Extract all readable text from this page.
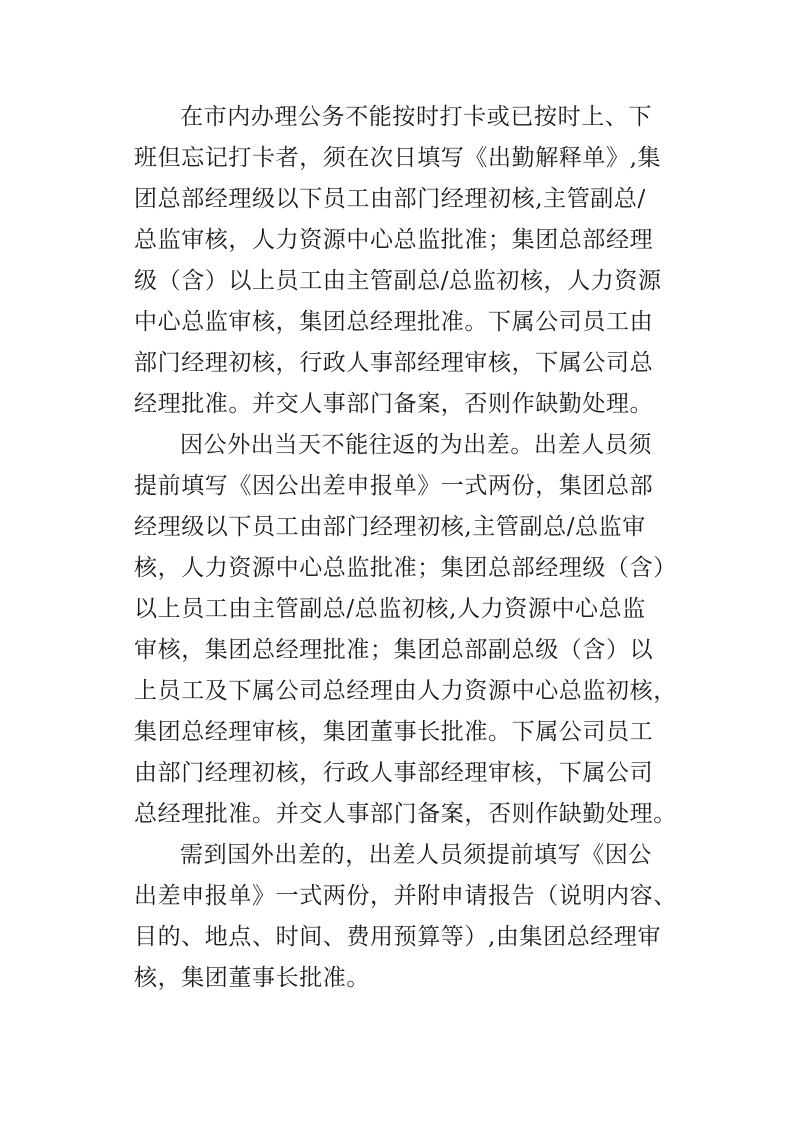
在市内办理公务不能按时打卡或已按时上、下
班但忘记打卡者，须在次日填写《出勤解释单》,集
团总部经理级以下员工由部门经理初核,主管副总/
总监审核，人力资源中心总监批准；集团总部经理
级（含）以上员工由主管副总/总监初核，人力资源
中心总监审核，集团总经理批准。下属公司员工由
部门经理初核，行政人事部经理审核，下属公司总
经理批准。并交人事部门备案，否则作缺勤处理。
因公外出当天不能往返的为出差。出差人员须
提前填写《因公出差申报单》一式两份，集团总部
经理级以下员工由部门经理初核,主管副总/总监审
核，人力资源中心总监批准；集团总部经理级（含）
以上员工由主管副总/总监初核,人力资源中心总监
审核，集团总经理批准；集团总部副总级（含）以
上员工及下属公司总经理由人力资源中心总监初核，
集团总经理审核，集团董事长批准。下属公司员工
由部门经理初核，行政人事部经理审核，下属公司
总经理批准。并交人事部门备案，否则作缺勤处理。
需到国外出差的，出差人员须提前填写《因公
出差申报单》一式两份，并附申请报告（说明内容、
目的、地点、时间、费用预算等）,由集团总经理审
核，集团董事长批准。
